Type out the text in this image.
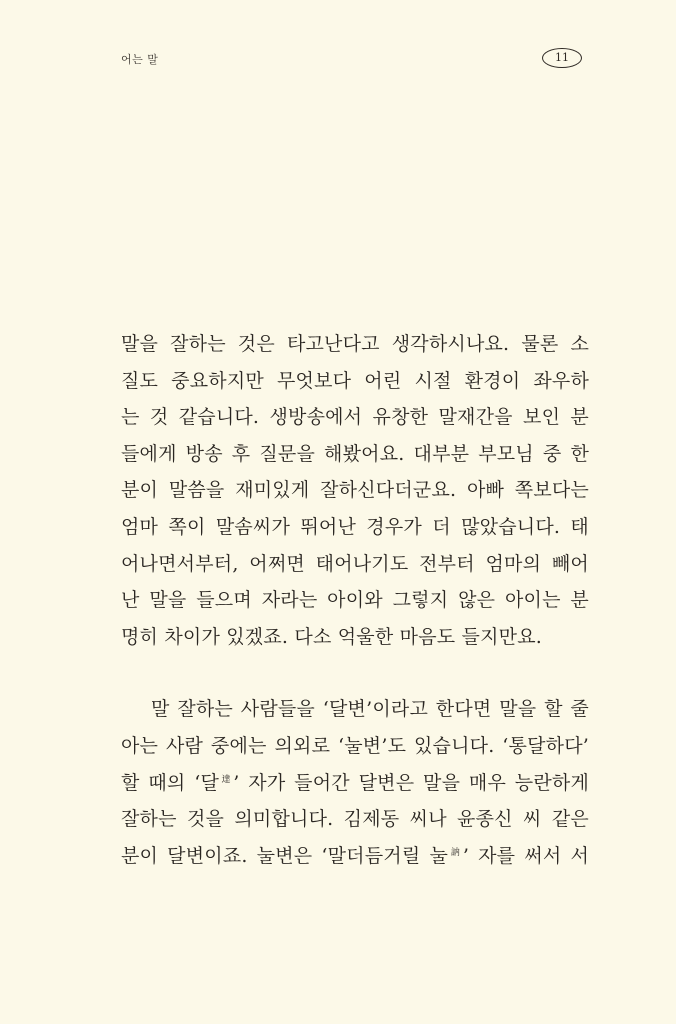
어는 말	11
말을 잘하는 것은 타고난다고 생각하시나요. 물론 소
질도 중요하지만 무엇보다 어린 시절 환경이 좌우하
는 것 같습니다. 생방송에서 유창한 말재간을 보인 분
들에게 방송 후 질문을 해봤어요. 대부분 부모님 중 한
분이 말씀을 재미있게 잘하신다더군요. 아빠 쪽보다는
엄마 쪽이 말솜씨가 뛰어난 경우가 더 많았습니다. 태
어나면서부터, 어쩌면 태어나기도 전부터 엄마의 빼어
난 말을 들으며 자라는 아이와 그렇지 않은 아이는 분
명히 차이가 있겠죠. 다소 억울한 마음도 들지만요.
말 잘하는 사람들을 ‘달변’이라고 한다면 말을 할 줄
아는 사람 중에는 의외로 ‘눌변’도 있습니다. ‘통달하다’
할 때의 ‘달$^達$’ 자가 들어간 달변은 말을 매우 능란하게
잘하는 것을 의미합니다. 김제동 씨나 윤종신 씨 같은
분이 달변이죠. 눌변은 ‘말더듬거릴 눌$^訥$’ 자를 써서 서
